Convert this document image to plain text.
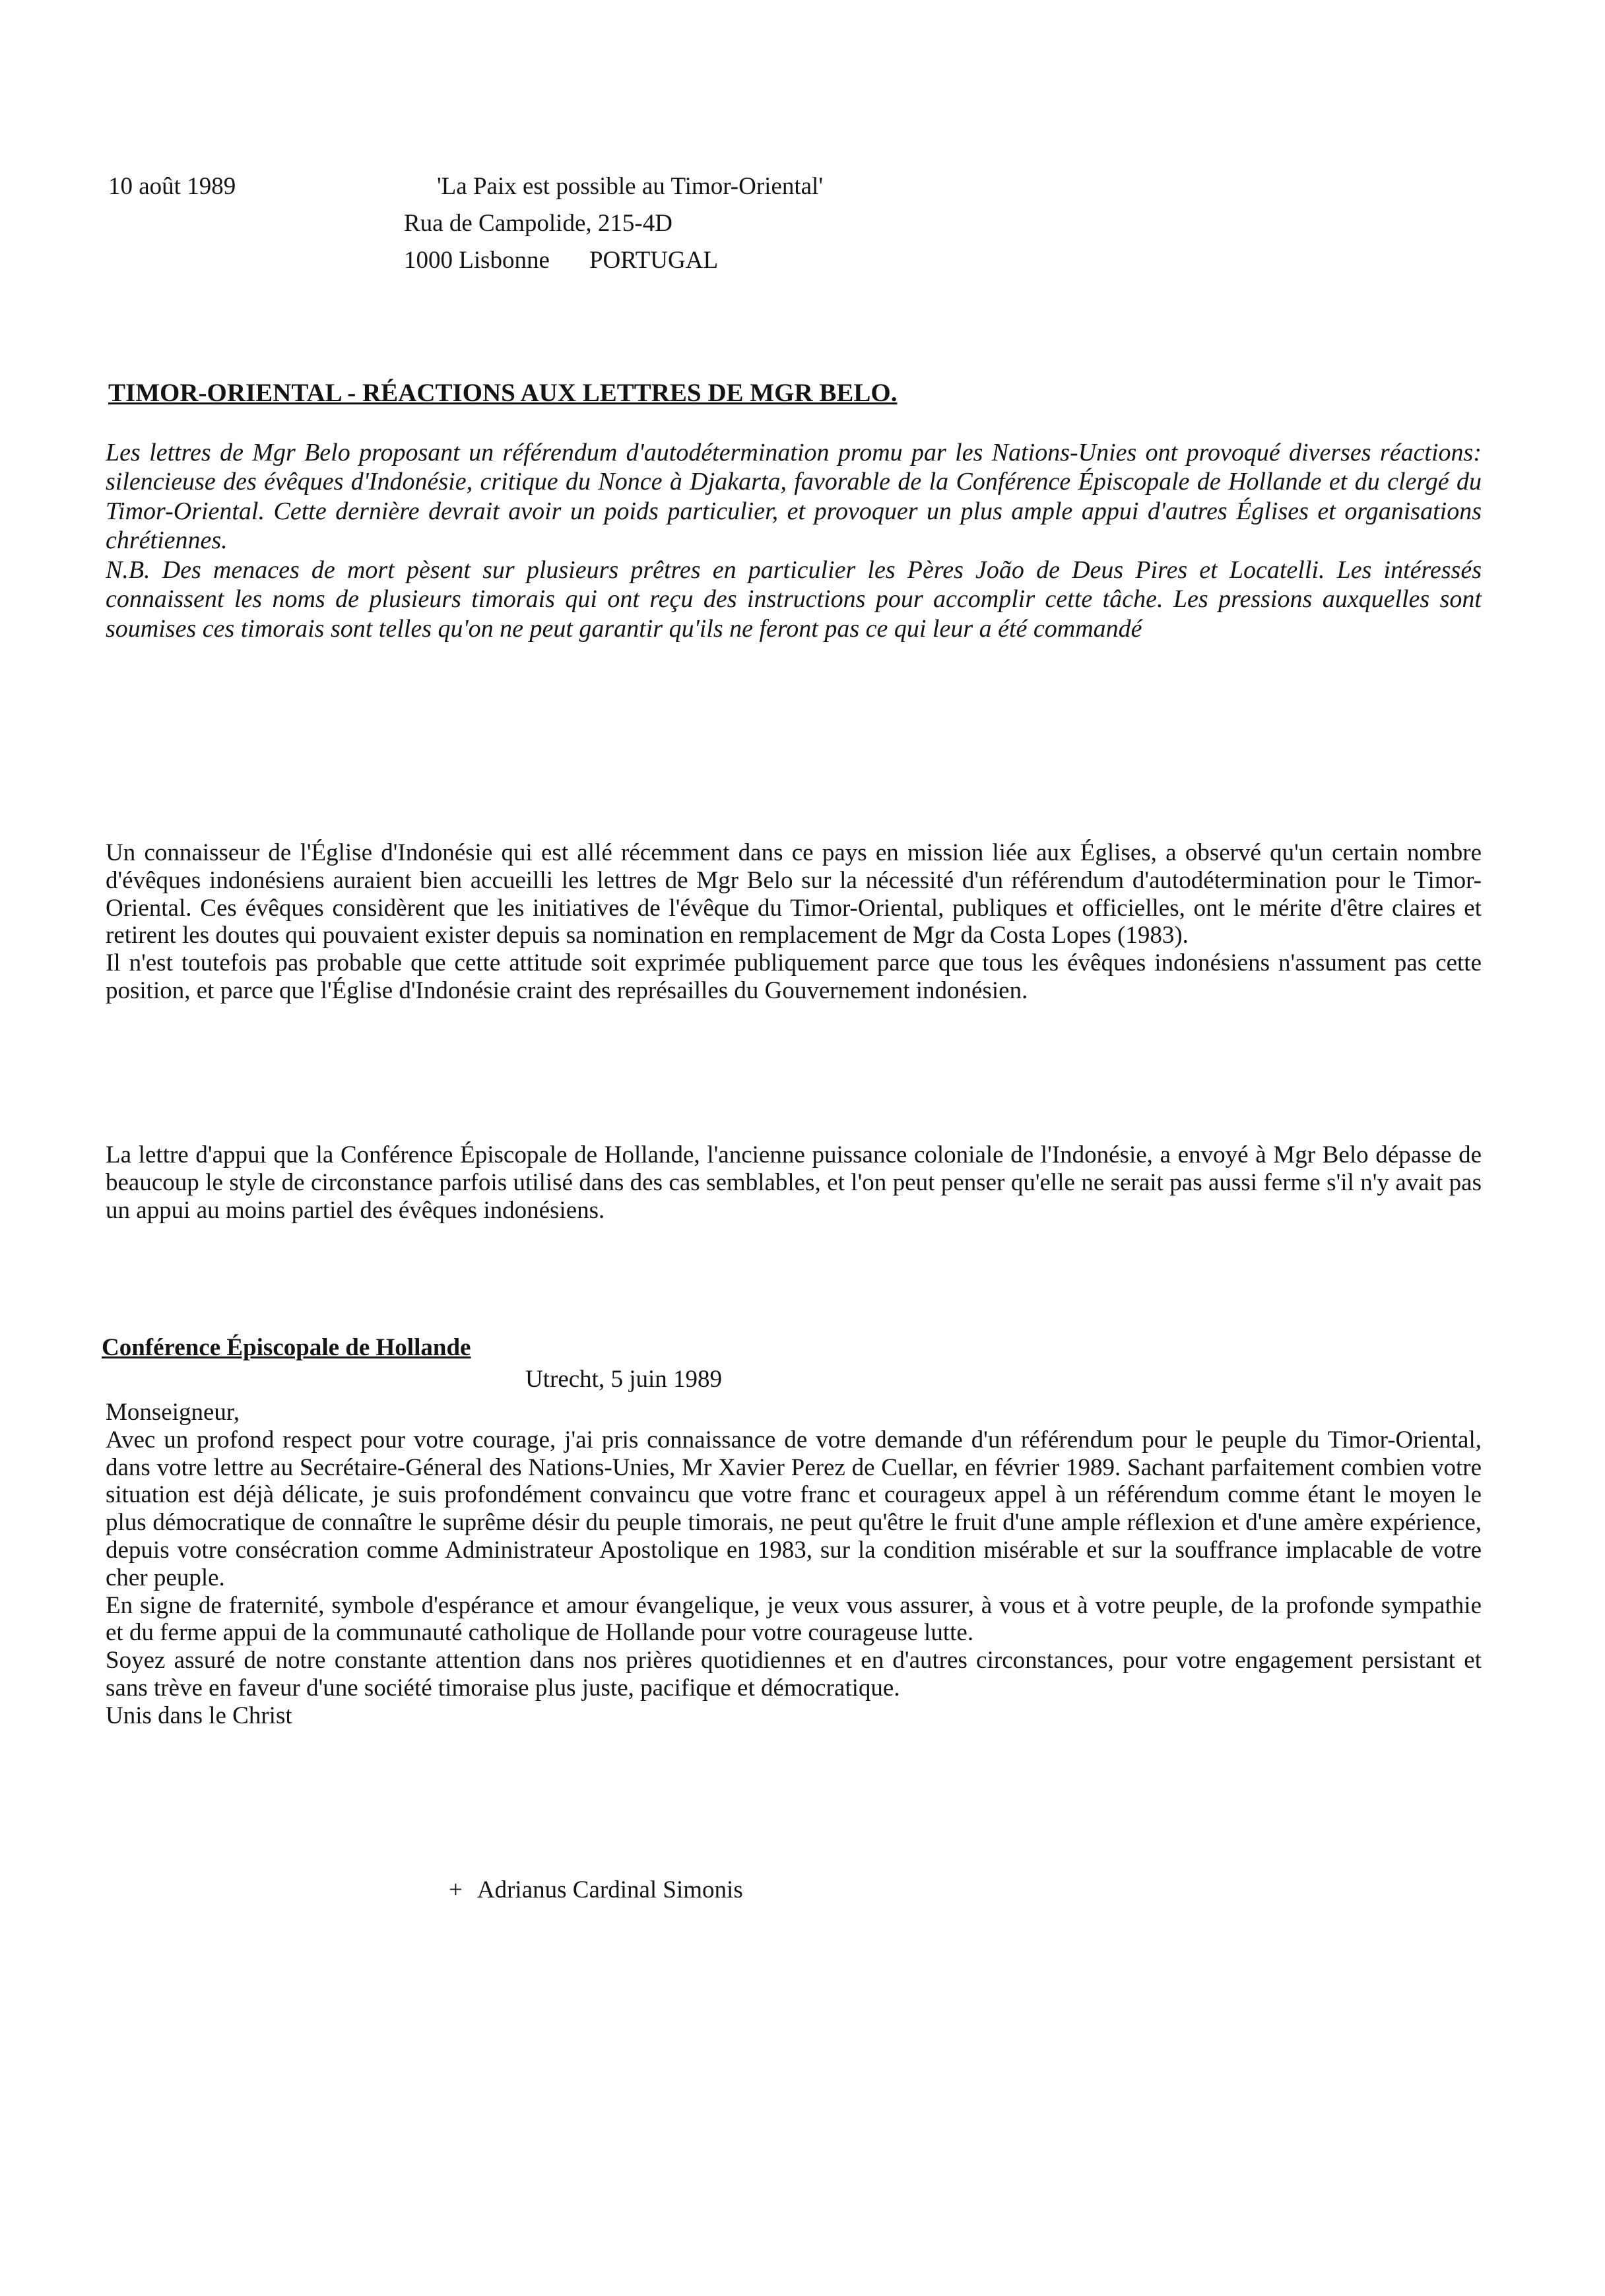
10 août 1989	'La Paix est possible au Timor-Oriental'
Rua de Campolide, 215-4D
1000 Lisbonne PORTUGAL
TIMOR-ORIENTAL - RÉACTIONS AUX LETTRES DE MGR BELO.

Les lettres de Mgr Belo proposant un référendum d'autodétermination promu par les Nations-Unies ont provoqué diverses réactions: silencieuse des évêques d'Indonésie, critique du Nonce à Djakarta, favorable de la Conférence Épiscopale de Hollande et du clergé du Timor-Oriental. Cette dernière devrait avoir un poids particulier, et provoquer un plus ample appui d'autres Églises et organisations chrétiennes.

N.B. Des menaces de mort pèsent sur plusieurs prêtres en particulier les Pères João de Deus Pires et Locatelli. Les intéressés connaissent les noms de plusieurs timorais qui ont reçu des instructions pour accomplir cette tâche. Les pressions auxquelles sont soumises ces timorais sont telles qu'on ne peut garantir qu'ils ne feront pas ce qui leur a été commandé

Un connaisseur de l'Église d'Indonésie qui est allé récemment dans ce pays en mission liée aux Églises, a observé qu'un certain nombre d'évêques indonésiens auraient bien accueilli les lettres de Mgr Belo sur la nécessité d'un référendum d'autodétermination pour le Timor-Oriental. Ces évêques considèrent que les initiatives de l'évêque du Timor-Oriental, publiques et officielles, ont le mérite d'être claires et retirent les doutes qui pouvaient exister depuis sa nomination en remplacement de Mgr da Costa Lopes (1983).

Il n'est toutefois pas probable que cette attitude soit exprimée publiquement parce que tous les évêques indonésiens n'assument pas cette position, et parce que l'Église d'Indonésie craint des représailles du Gouvernement indonésien.

La lettre d'appui que la Conférence Épiscopale de Hollande, l'ancienne puissance coloniale de l'Indonésie, a envoyé à Mgr Belo dépasse de beaucoup le style de circonstance parfois utilisé dans des cas semblables, et l'on peut penser qu'elle ne serait pas aussi ferme s'il n'y avait pas un appui au moins partiel des évêques indonésiens.

Conférence Épiscopale de Hollande
Utrecht, 5 juin 1989

Monseigneur,

Avec un profond respect pour votre courage, j'ai pris connaissance de votre demande d'un référendum pour le peuple du Timor-Oriental, dans votre lettre au Secrétaire-Géneral des Nations-Unies, Mr Xavier Perez de Cuellar, en février 1989. Sachant parfaitement combien votre situation est déjà délicate, je suis profondément convaincu que votre franc et courageux appel à un référendum comme étant le moyen le plus démocratique de connaître le suprême désir du peuple timorais, ne peut qu'être le fruit d'une ample réflexion et d'une amère expérience, depuis votre consécration comme Administrateur Apostolique en 1983, sur la condition misérable et sur la souffrance implacable de votre cher peuple.

En signe de fraternité, symbole d'espérance et amour évangelique, je veux vous assurer, à vous et à votre peuple, de la profonde sympathie et du ferme appui de la communauté catholique de Hollande pour votre courageuse lutte.

Soyez assuré de notre constante attention dans nos prières quotidiennes et en d'autres circonstances, pour votre engagement persistant et sans trève en faveur d'une société timoraise plus juste, pacifique et démocratique.

Unis dans le Christ

+ Adrianus Cardinal Simonis
